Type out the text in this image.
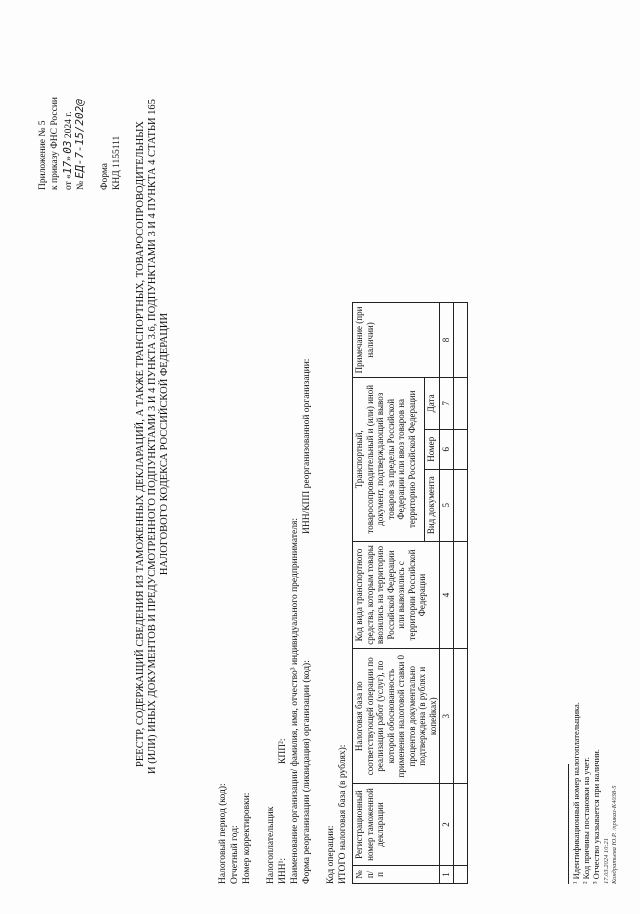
Приложение № 5 к приказу ФНС России от «17» 03 2024 г.
№ ЕД-7-15/202@ Форма КНД 1155111 РЕЕСТР, СОДЕРЖАЩИЙ СВЕДЕНИЯ ИЗ ТАМОЖЕННЫХ ДЕКЛАРАЦИЙ, А ТАКЖЕ ТРАНСПОРТНЫХ, ТОВАРОСОПРОВОДИТЕЛЬНЫХ И (ИЛИ) ИНЫХ ДОКУМЕНТОВ И ПРЕДУСМОТРЕННОГО ПОДПУНКТАМИ 3 И 4 ПУНКТА 3.6, ПОДПУНКТАМИ 3 И 4 ПУНКТА 4 СТАТЬИ 165 НАЛОГОВОГО КОДЕКСА РОССИЙСКОЙ ФЕДЕРАЦИИ
Налоговый период (код): Отчетный год: Номер корректировки: Налогоплательщик ИНН¹:
КПП²: Наименование организации/ фамилия, имя, отчество³ индивидуального предпринимателя: Форма реорганизации (ликвидация) организации (код):
ИНН/КПП реорганизованной организации:
Код операции: ИТОГО налоговая база (в рублях): № п/п	Регистрационный номер таможенной декларации	Налоговая база по соответствующей операции по реализации работ (услуг), по которой обоснованность применения налоговой ставки 0 процентов документально подтверждена (в рублях и копейках)	Код вида транспортного средства, которым товары ввозились на территорию Российской Федерации или вывозились с территории Российской Федерации	Транспортный, товаросопроводительный и (или) иной документ, подтверждающий вывоз товаров за пределы Российской Федерации или ввоз товаров на территорию Российской Федерации			Примечание (при наличии)
				Вид документа	Номер	Дата	
1	2	3	4	5	6	7	8

¹ Идентификационный номер налогоплательщика. ² Код причины постановки на учет. ³ Отчество указывается при наличии. 17.03.2024 10:21 Кондратьева Ю.Р. /приказ-К4038-5
